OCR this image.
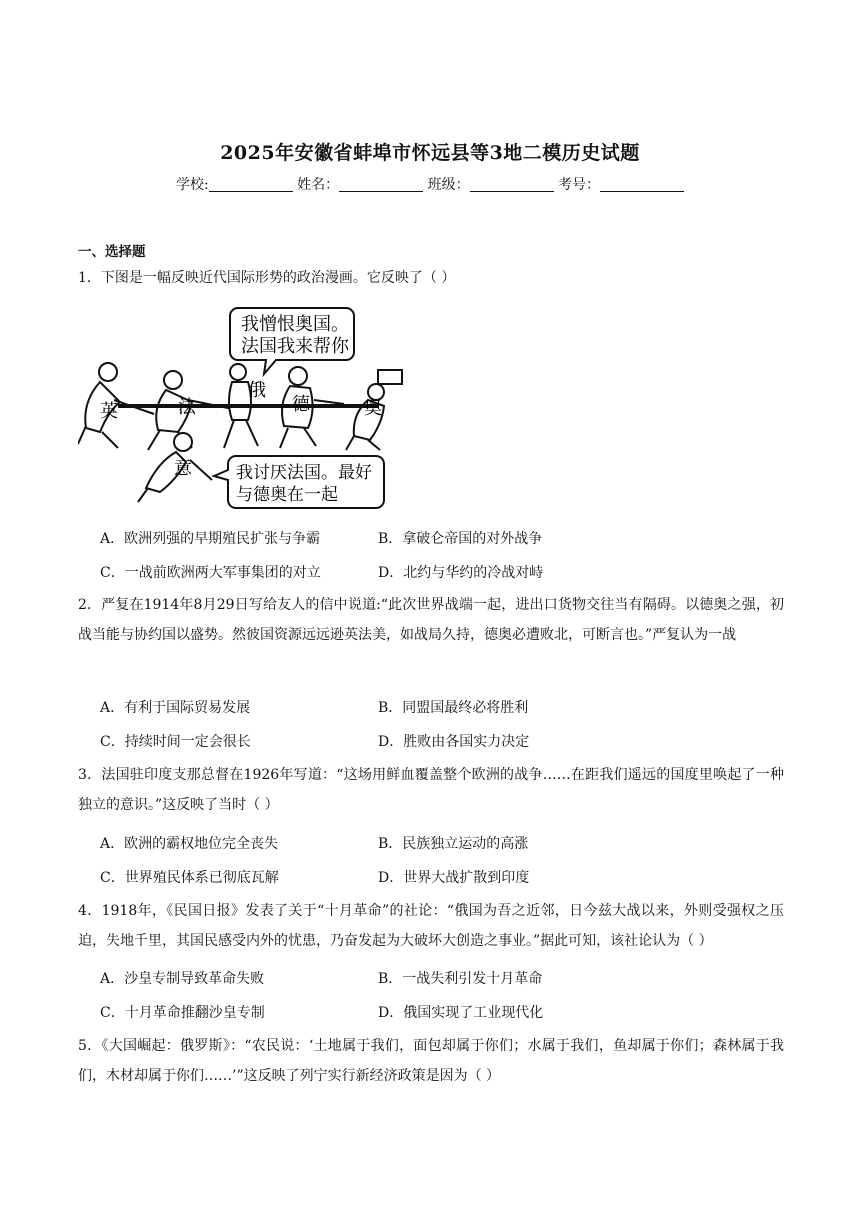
2025年安徽省蚌埠市怀远县等3地二模历史试题
学校:	姓名：	班级：	考号：
一、选择题
1．下图是一幅反映近代国际形势的政治漫画。它反映了（ ）
我憎恨奥国。
法国我来帮你
英	法
俄
德	奥
意	我讨厌法国。最好
与德奥在一起
A．欧洲列强的早期殖民扩张与争霸	B．拿破仑帝国的对外战争
C．一战前欧洲两大军事集团的对立	D．北约与华约的冷战对峙
2．严复在1914年8月29日写给友人的信中说道:“此次世界战端一起，进出口货物交往当有隔碍。以德奥之强，初战当能与协约国以盛势。然彼国资源远远逊英法美，如战局久持，德奥必遭败北，可断言也。”严复认为一战
A．有利于国际贸易发展	B．同盟国最终必将胜利
C．持续时间一定会很长	D．胜败由各国实力决定
3．法国驻印度支那总督在1926年写道：“这场用鲜血覆盖整个欧洲的战争……在距我们遥远的国度里唤起了一种独立的意识。”这反映了当时（ ）
A．欧洲的霸权地位完全丧失	B．民族独立运动的高涨
C．世界殖民体系已彻底瓦解	D．世界大战扩散到印度
4．1918年，《民国日报》发表了关于“十月革命”的社论：“俄国为吾之近邻，日今兹大战以来，外则受强权之压迫，失地千里，其国民感受内外的忧患，乃奋发起为大破坏大创造之事业。”据此可知，该社论认为（ ）
A．沙皇专制导致革命失败	B．一战失利引发十月革命
C．十月革命推翻沙皇专制	D．俄国实现了工业现代化
5．《大国崛起：俄罗斯》：“农民说：‘土地属于我们，面包却属于你们；水属于我们，鱼却属于你们；森林属于我们，木材却属于你们……’”这反映了列宁实行新经济政策是因为（ ）
